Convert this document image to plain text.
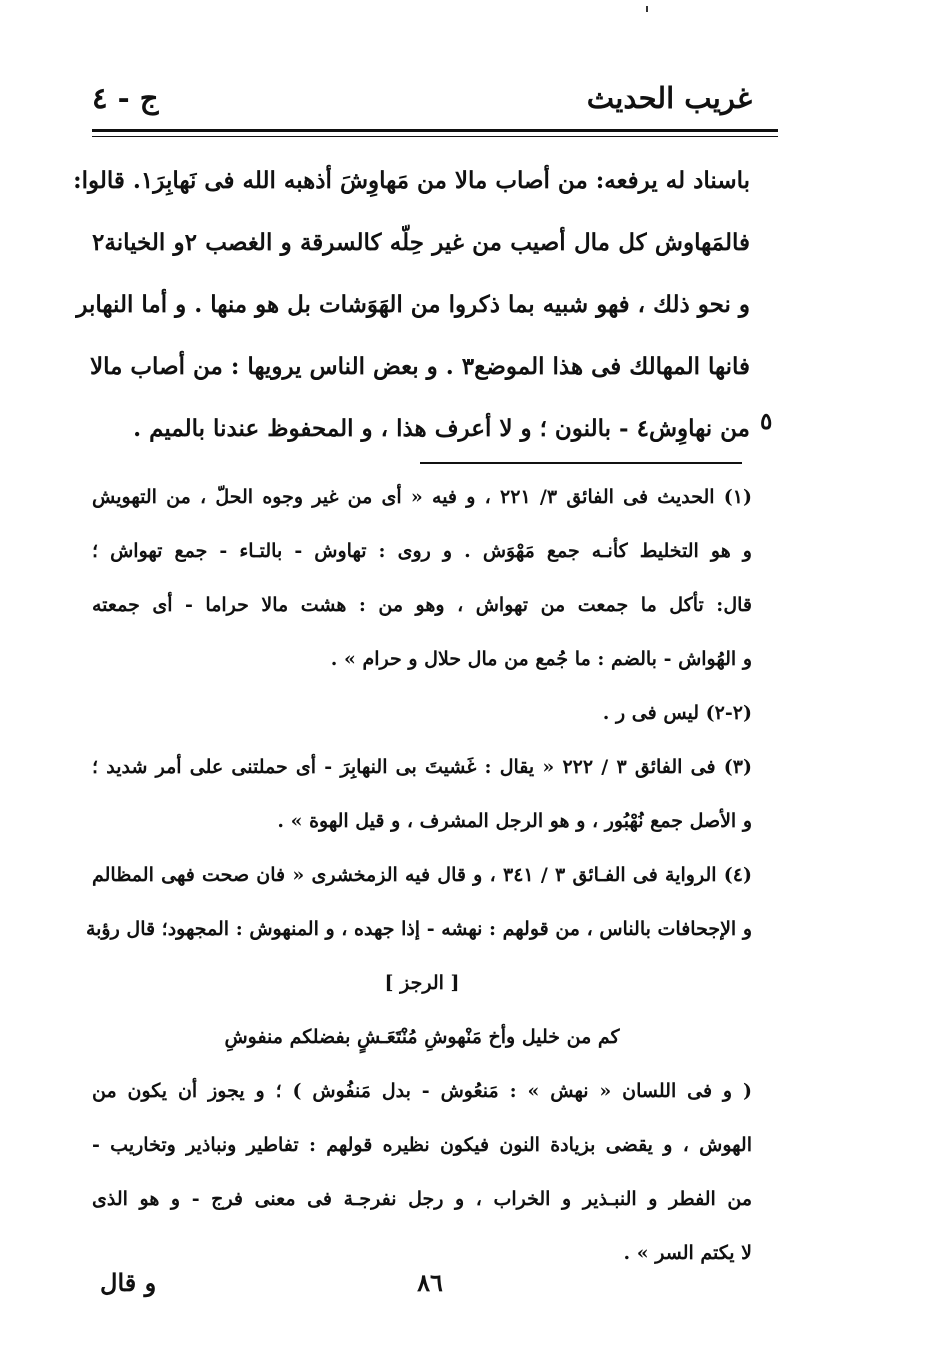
غريب الحديث
ج - ٤
باسناد له يرفعه: من أصاب مالا من مَهاوِشَ أذهبه الله فى نَهابِرَ١. قالوا:
فالمَهاوش كل مال أصيب من غير حِلّه كالسرقة و الغصب ٢و الخيانة٢
و نحو ذلك ، فهو شبيه بما ذكروا من الهَوَشات بل هو منها . و أما النهابر
فانها المهالك فى هذا الموضع٣ . و بعض الناس يرويها : من أصاب مالا
من نهاوِش٤ - بالنون ؛ و لا أعرف هذا ، و المحفوظ عندنا بالميم . ٥
(١) الحديث فى الفائق ٣/ ٢٢١ ، و فيه « أى من غير وجوه الحلّ ، من التهويش
و هو التخليط كأنـه جمع مَهْوَش . و روى : تهاوش - بالتـاء - جمع تهواش ؛
قال: تأكل ما جمعت من تهواش ، وهو من : هشت مالا حراما - أى جمعته
و الهُواش - بالضم : ما جُمع من مال حلال و حرام » .
(٢-٢) ليس فى ر .
(٣) فى الفائق ٣ / ٢٢٢ « يقال : غَشيتَ بى النهابِرَ - أى حملتنى على أمر شديد ؛
و الأصل جمع نُهْبُور ، و هو الرجل المشرف ، و قيل الهوة » .
(٤) الرواية فى الفـائق ٣ / ٣٤١ ، و قال فيه الزمخشرى « فان صحت فهى المظالم
و الإجحافات بالناس ، من قولهم : نهشه - إذا جهده ، و المنهوش : المجهود؛ قال رؤبة
[ الرجز ]
كم من خليل وأخ مَنْهوشِ مُنْتَعَـشٍ بفضلكم منفوشِ
( و فى اللسان « نهش » : مَنعُوش - بدل مَنفُوش ) ؛ و يجوز أن يكون من
الهوش ، و يقضى بزيادة النون فيكون نظيره قولهم : تفاطير ونباذير وتخاريب -
من الفطر و النبـذير و الخراب ، و رجل نفرجـة فى معنى فرج - و هو الذى
لا يكتم السر » .
٨٦
و قال
